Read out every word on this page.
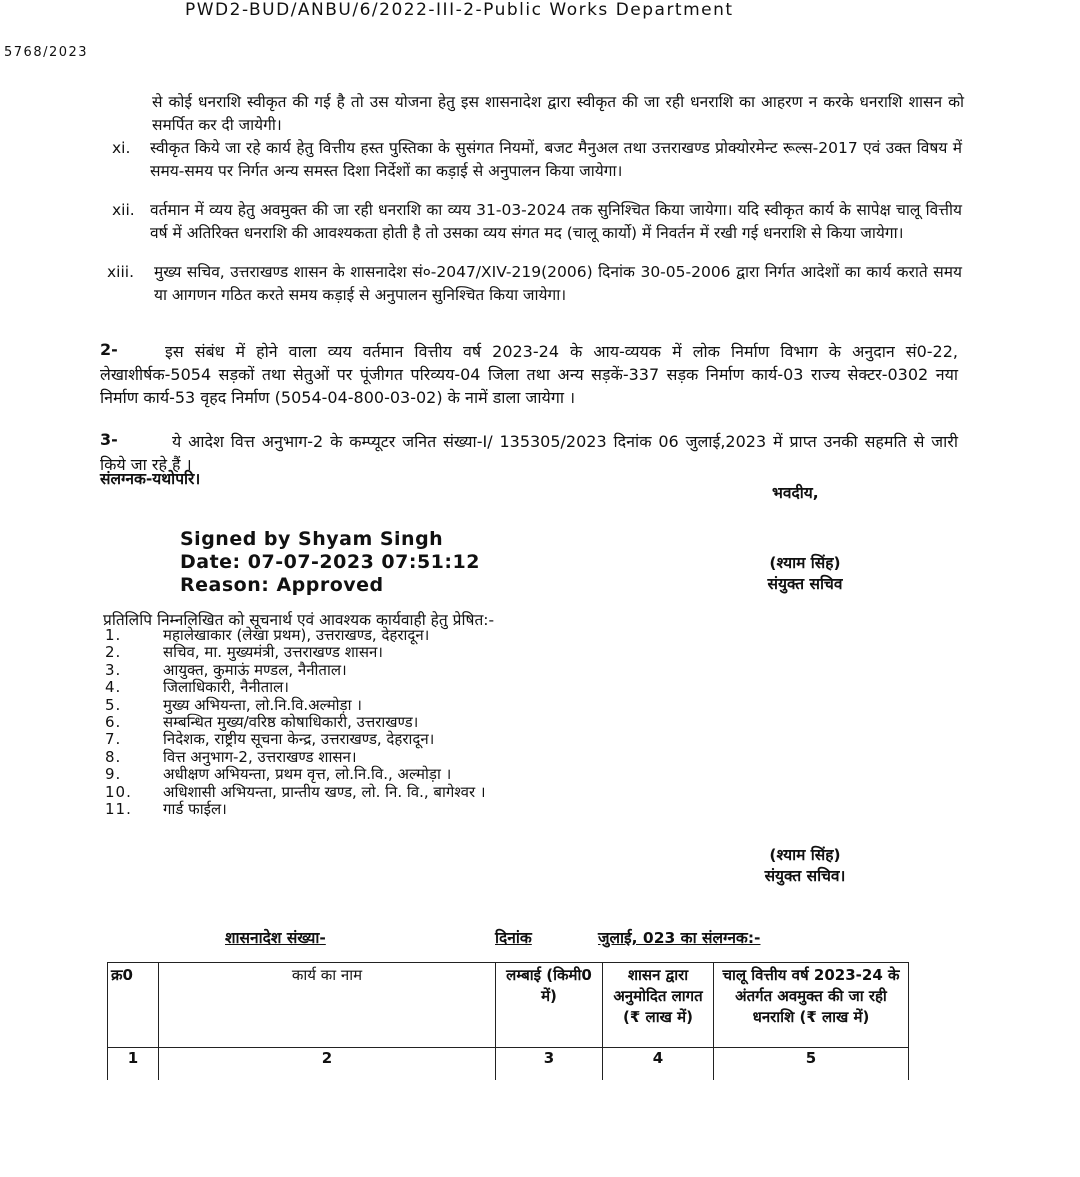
PWD2-BUD/ANBU/6/2022-III-2-Public Works Department
5768/2023
से कोई धनराशि स्वीकृत की गई है तो उस योजना हेतु इस शासनादेश द्वारा स्वीकृत की जा रही धनराशि का आहरण न करके धनराशि शासन को समर्पित कर दी जायेगी।
xi. स्वीकृत किये जा रहे कार्य हेतु वित्तीय हस्त पुस्तिका के सुसंगत नियमों, बजट मैनुअल तथा उत्तराखण्ड प्रोक्योरमेन्ट रूल्स-2017 एवं उक्त विषय में समय-समय पर निर्गत अन्य समस्त दिशा निर्देशों का कड़ाई से अनुपालन किया जायेगा।
xii. वर्तमान में व्यय हेतु अवमुक्त की जा रही धनराशि का व्यय 31-03-2024 तक सुनिश्चित किया जायेगा। यदि स्वीकृत कार्य के सापेक्ष चालू वित्तीय वर्ष में अतिरिक्त धनराशि की आवश्यकता होती है तो उसका व्यय संगत मद (चालू कार्यो) में निवर्तन में रखी गई धनराशि से किया जायेगा।
xiii. मुख्य सचिव, उत्तराखण्ड शासन के शासनादेश सं०-2047/XIV-219(2006) दिनांक 30-05-2006 द्वारा निर्गत आदेशों का कार्य कराते समय या आगणन गठित करते समय कड़ाई से अनुपालन सुनिश्चित किया जायेगा।
2-	इस संबंध में होने वाला व्यय वर्तमान वित्तीय वर्ष 2023-24 के आय-व्ययक में लोक निर्माण विभाग के अनुदान सं0-22, लेखाशीर्षक-5054 सड़कों तथा सेतुओं पर पूंजीगत परिव्यय-04 जिला तथा अन्य सड़कें-337 सड़क निर्माण कार्य-03 राज्य सेक्टर-0302 नया निर्माण कार्य-53 वृहद निर्माण (5054-04-800-03-02) के नामें डाला जायेगा ।
3-	ये आदेश वित्त अनुभाग-2 के कम्प्यूटर जनित संख्या-I/ 135305/2023 दिनांक 06 जुलाई,2023 में प्राप्त उनकी सहमति से जारी किये जा रहे हैं ।
संलग्नक-यथोपरि।
भवदीय,
Signed by Shyam Singh
Date: 07-07-2023 07:51:12
Reason: Approved
(श्याम सिंह)
संयुक्त सचिव
प्रतिलिपि निम्नलिखित को सूचनार्थ एवं आवश्यक कार्यवाही हेतु प्रेषित:-
1.	महालेखाकार (लेखा प्रथम), उत्तराखण्ड, देहरादून।
2.	सचिव, मा. मुख्यमंत्री, उत्तराखण्ड शासन।
3.	आयुक्त, कुमाऊं मण्डल, नैनीताल।
4.	जिलाधिकारी, नैनीताल।
5.	मुख्य अभियन्ता, लो.नि.वि.अल्मोड़ा ।
6.	सम्बन्धित मुख्य/वरिष्ठ कोषाधिकारी, उत्तराखण्ड।
7.	निदेशक, राष्ट्रीय सूचना केन्द्र, उत्तराखण्ड, देहरादून।
8.	वित्त अनुभाग-2, उत्तराखण्ड शासन।
9.	अधीक्षण अभियन्ता, प्रथम वृत्त, लो.नि.वि., अल्मोड़ा ।
10.	अधिशासी अभियन्ता, प्रान्तीय खण्ड, लो. नि. वि., बागेश्वर ।
11.	गार्ड फाईल।
(श्याम सिंह)
संयुक्त सचिव।
शासनादेश संख्या-	दिनांक	जुलाई, 023 का संलग्नक:-
क्र0	कार्य का नाम	लम्बाई (किमी0 में)	शासन द्वारा अनुमोदित लागत (₹ लाख में)	चालू वित्तीय वर्ष 2023-24 के अंतर्गत अवमुक्त की जा रही धनराशि (₹ लाख में)
1	2	3	4	5
